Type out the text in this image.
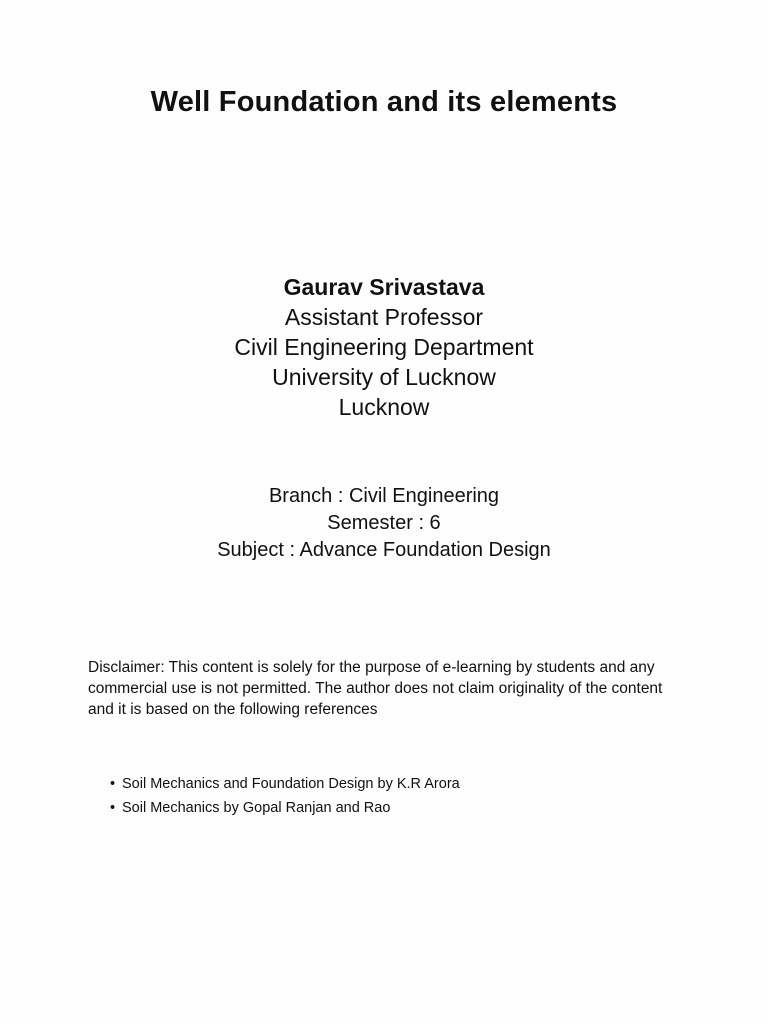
Well Foundation and its elements
Gaurav Srivastava
Assistant Professor
Civil Engineering Department
University of Lucknow
Lucknow
Branch : Civil Engineering
Semester : 6
Subject : Advance Foundation Design

Disclaimer: This content is solely for the purpose of e-learning by students and any commercial use is not permitted. The author does not claim originality of the content and it is based on the following references

• Soil Mechanics and Foundation Design by K.R Arora
• Soil Mechanics by Gopal Ranjan and Rao
